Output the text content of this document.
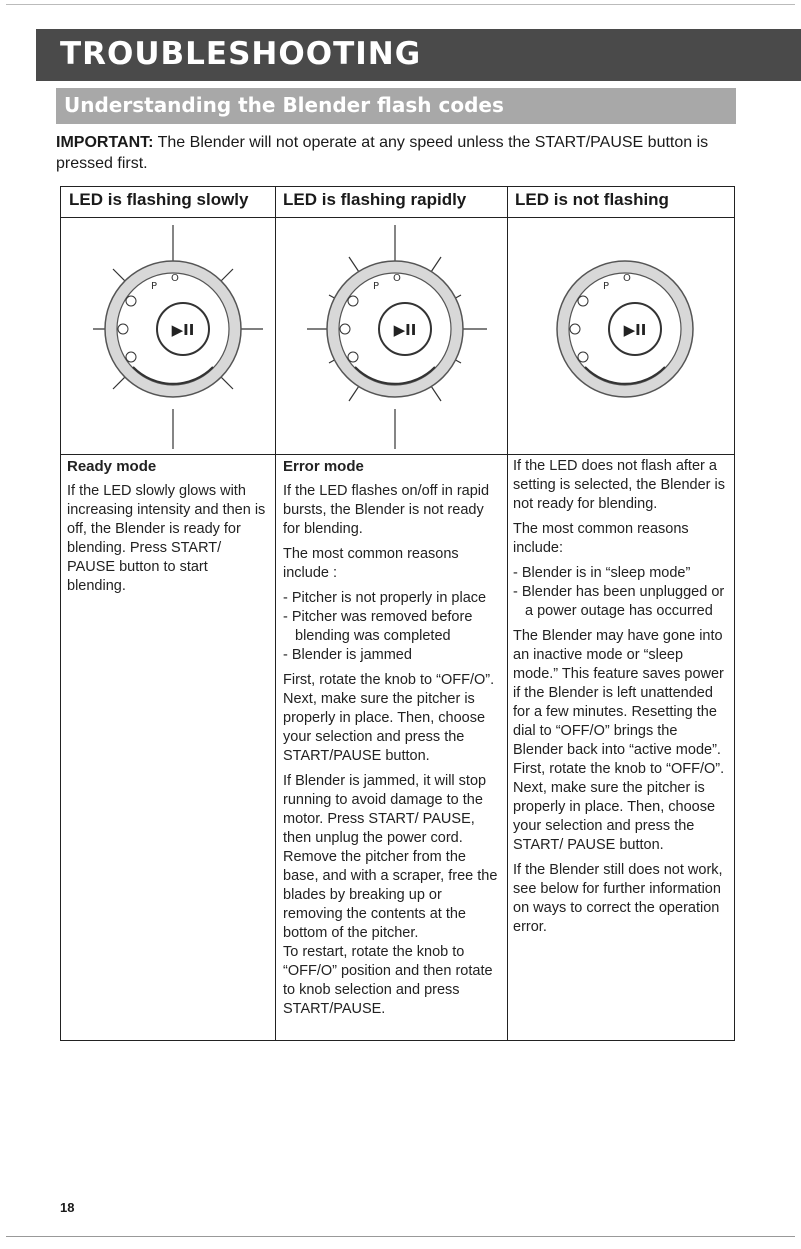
TROUBLESHOOTING
Understanding the Blender flash codes
IMPORTANT: The Blender will not operate at any speed unless the START/PAUSE button is pressed first.
LED is flashing slowly LED is flashing rapidly	LED is not flashing
▶II
P
O
▶II
P
O
▶II
P
O
Ready mode

If the LED slowly glows with increasing intensity and then is off, the Blender is ready for blending. Press START/ PAUSE button to start blending.

Error mode

If the LED flashes on/off in rapid bursts, the Blender is not ready for blending.

The most common reasons include :

- Pitcher is not properly in place
- Pitcher was removed before blending was completed
- Blender is jammed

First, rotate the knob to “OFF/O”. Next, make sure the pitcher is properly in place. Then, choose your selection and press the START/PAUSE button.

If Blender is jammed, it will stop running to avoid damage to the motor. Press START/ PAUSE, then unplug the power cord. Remove the pitcher from the base, and with a scraper, free the blades by breaking up or removing the contents at the bottom of the pitcher.

To restart, rotate the knob to “OFF/O” position and then rotate to knob selection and press START/PAUSE.

If the LED does not flash after a setting is selected, the Blender is not ready for blending.

The most common reasons include:

- Blender is in “sleep mode”
- Blender has been unplugged or a power outage has occurred

The Blender may have gone into an inactive mode or “sleep mode.” This feature saves power if the Blender is left unattended for a few minutes. Resetting the dial to “OFF/O” brings the Blender back into “active mode”. First, rotate the knob to “OFF/O”. Next, make sure the pitcher is properly in place. Then, choose your selection and press the START/ PAUSE button.

If the Blender still does not work, see below for further information on ways to correct the operation error.

18
